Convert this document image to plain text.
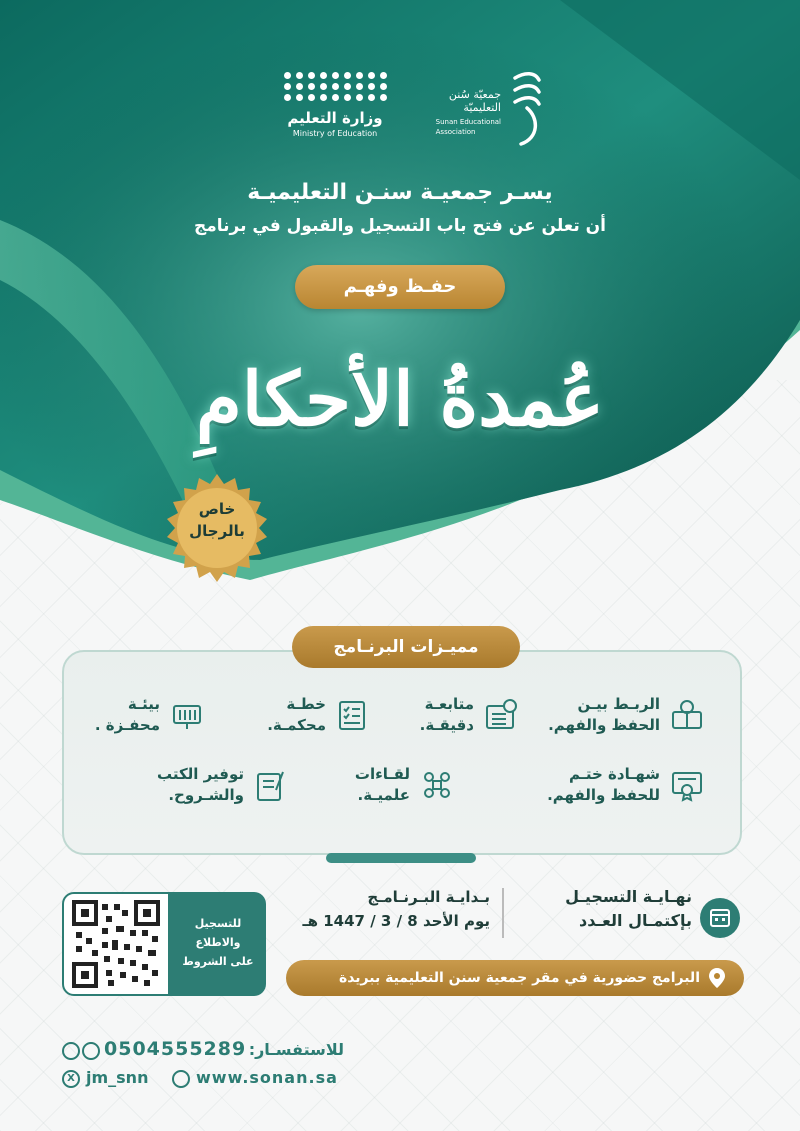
وزارة التعليم
Ministry of Education
جمعيّة سُنن
التعليميّة
Sunan Educational
Association
يسـر جمعيـة سنـن التعليميـة
أن تعلن عن فتح باب التسجيل والقبول في برنامج
حفـظ وفهـم
عُمدةُ الأحكامِ
خاص
بالرجال
مميـزات البرنـامج
الربـط بيـن
الحفظ والفهم.
متابعـة
دقيقـة.
خطـة
محكمـة.
بيئـة
محفـزة .
شهـادة ختـم
للحفظ والفهم.
لقـاءات
علميـة.
توفير الكتب
والشـروح.
نهـايـة التسجيـل
بإكتمـال العـدد
بـدايـة البـرنـامـج
يوم الأحد 8 / 3 / 1447 هـ
للتسجيل
والاطلاع
على الشروط
البرامج حضورية في مقر جمعية سنن التعليمية ببريدة
للاستفسـار:
0504555289
X jm_snn	www.sonan.sa
